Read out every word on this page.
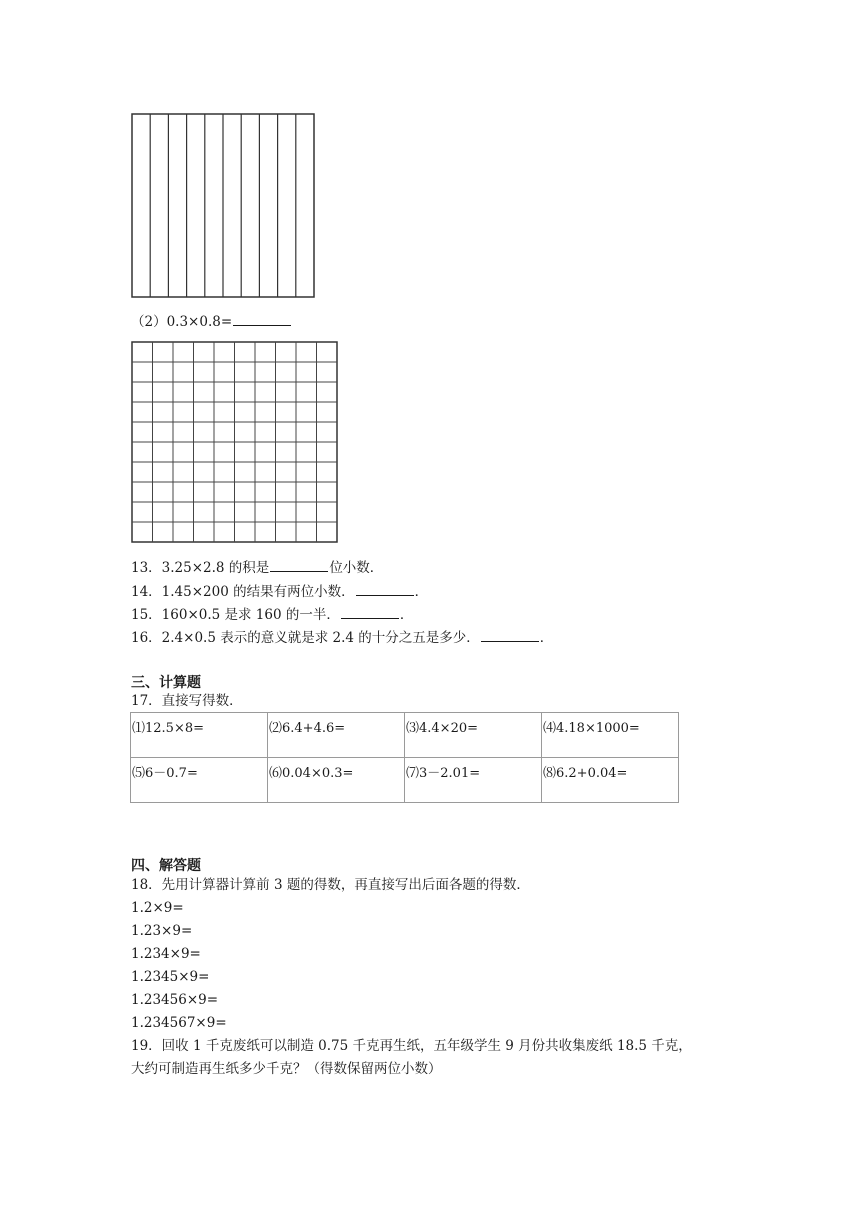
（2）0.3×0.8=
13．3.25×2.8 的积是	位小数．
14．1.45×200 的结果有两位小数．	．
15．160×0.5 是求 160 的一半．	．
16．2.4×0.5 表示的意义就是求 2.4 的十分之五是多少．	．
三、计算题
17．直接写得数．
⑴12.5×8=	⑵6.4+4.6=	⑶4.4×20=	⑷4.18×1000=
⑸6－0.7=	⑹0.04×0.3=	⑺3－2.01=	⑻6.2+0.04=
四、解答题
18．先用计算器计算前 3 题的得数，再直接写出后面各题的得数．
1.2×9=
1.23×9=
1.234×9=
1.2345×9=
1.23456×9=
1.234567×9=
19．回收 1 千克废纸可以制造 0.75 千克再生纸，五年级学生 9 月份共收集废纸 18.5 千克，
大约可制造再生纸多少千克？（得数保留两位小数）
